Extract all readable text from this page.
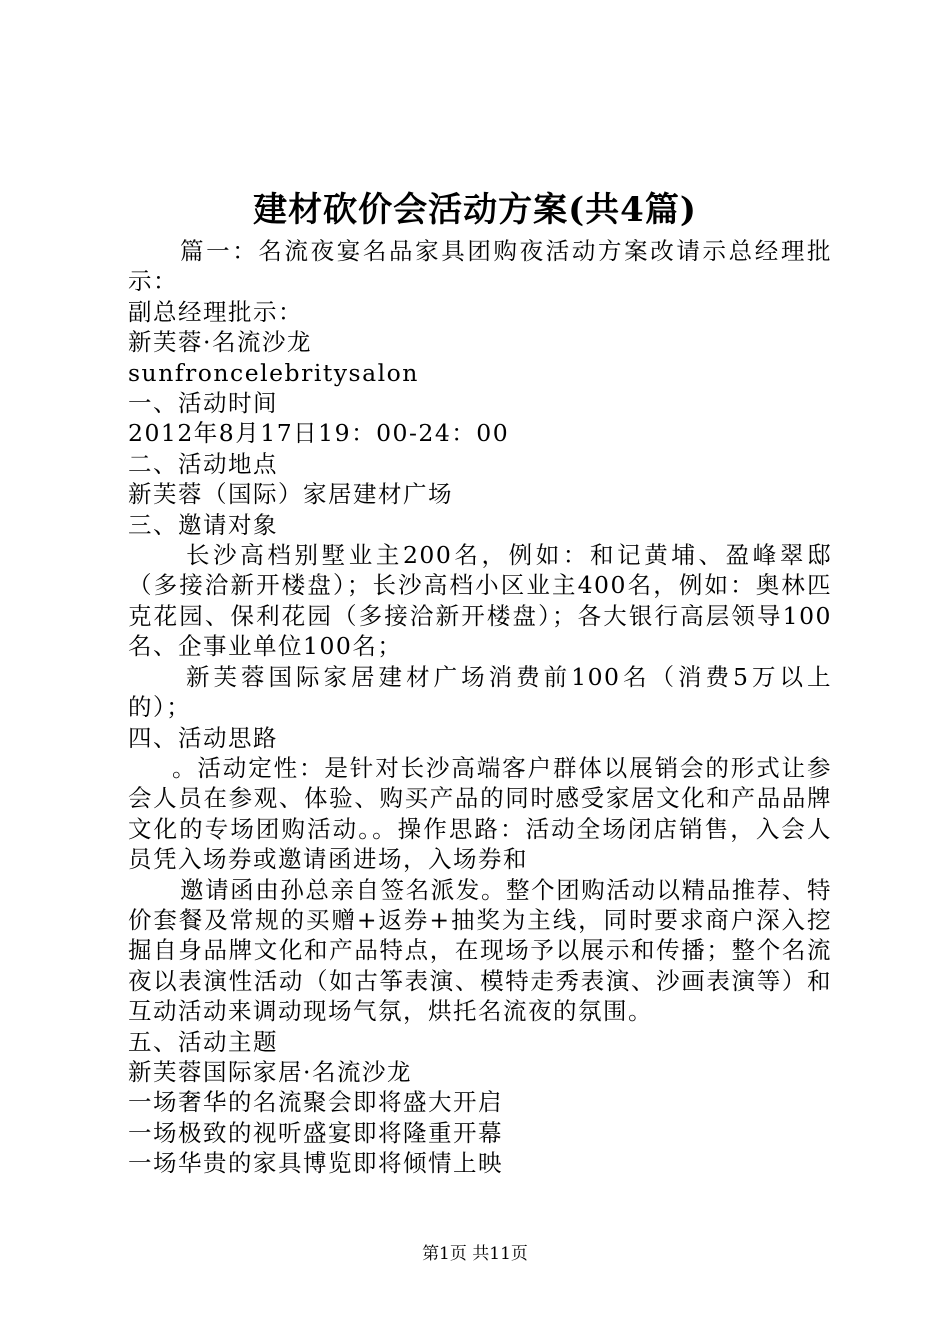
建材砍价会活动方案(共4篇)

篇一：名流夜宴名品家具团购夜活动方案改请示总经理批示：

副总经理批示：

新芙蓉·名流沙龙

sunfroncelebritysalon

一、活动时间

2012年8月17日19：00-24：00

二、活动地点

新芙蓉（国际）家居建材广场

三、邀请对象

长沙高档别墅业主200名，例如：和记黄埔、盈峰翠邸（多接洽新开楼盘）；长沙高档小区业主400名，例如：奥林匹克花园、保利花园（多接洽新开楼盘）；各大银行高层领导100名、企事业单位100名；

新芙蓉国际家居建材广场消费前100名（消费5万以上的）；

四、活动思路

。活动定性：是针对长沙高端客户群体以展销会的形式让参会人员在参观、体验、购买产品的同时感受家居文化和产品品牌文化的专场团购活动。。操作思路：活动全场闭店销售，入会人员凭入场券或邀请函进场，入场券和

邀请函由孙总亲自签名派发。整个团购活动以精品推荐、特价套餐及常规的买赠+返券+抽奖为主线，同时要求商户深入挖掘自身品牌文化和产品特点，在现场予以展示和传播；整个名流夜以表演性活动（如古筝表演、模特走秀表演、沙画表演等）和互动活动来调动现场气氛，烘托名流夜的氛围。

五、活动主题

新芙蓉国际家居·名流沙龙

一场奢华的名流聚会即将盛大开启

一场极致的视听盛宴即将隆重开幕

一场华贵的家具博览即将倾情上映

第1页 共11页
